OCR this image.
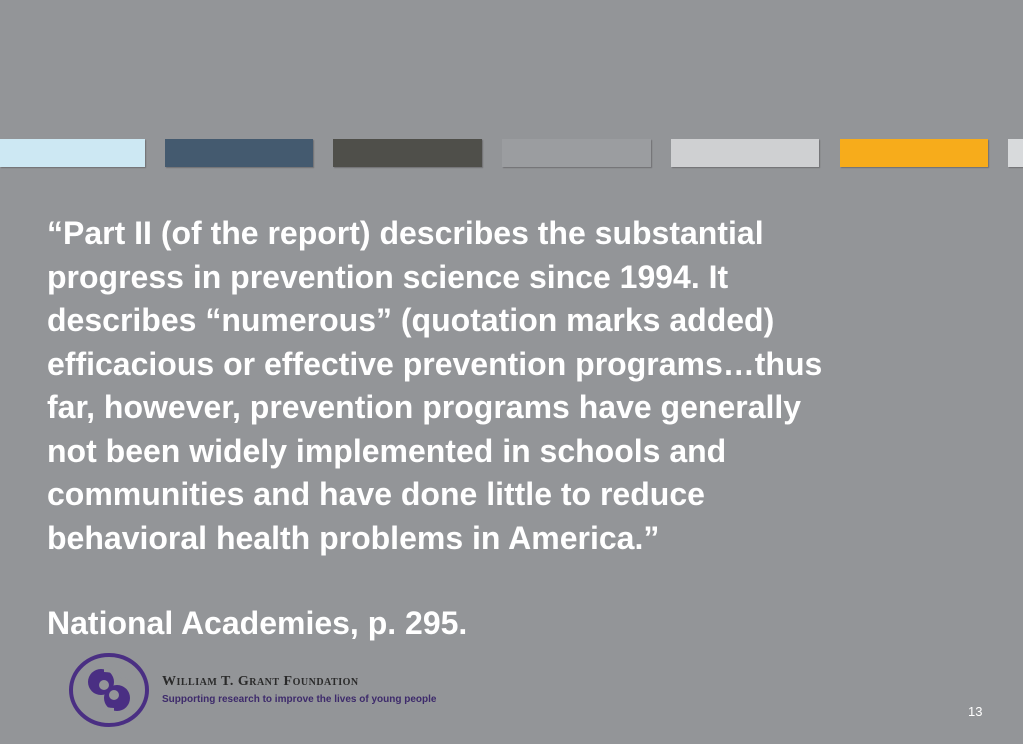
“Part II (of the report) describes the substantial
progress in prevention science since 1994. It
describes “numerous” (quotation marks added)
efficacious or effective prevention programs…thus
far, however, prevention programs have generally
not been widely implemented in schools and
communities and have done little to reduce
behavioral health problems in America.”
National Academies, p. 295.
William T. Grant Foundation
Supporting research to improve the lives of young people
13
